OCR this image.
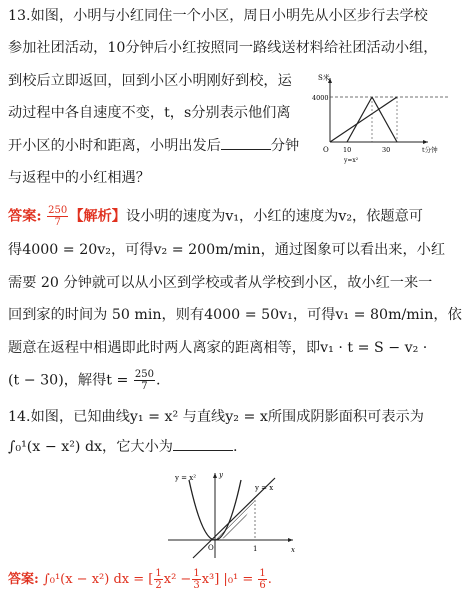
13.如图，小明与小红同住一个小区，周日小明先从小区步行去学校
参加社团活动，10分钟后小红按照同一路线送材料给社团活动小组，
到校后立即返回，回到小区小明刚好到校，运
动过程中各自速度不变，t，s分别表示他们离
开小区的小时和距离，小明出发后	分钟
与返程中的小红相遇？
S米
4000
O 10	30	t分钟
y=x²
答案: $\frac{250}{7}$ 【解析】设小明的速度为v₁，小红的速度为v₂，依题意可
得4000 = 20v₂，可得v₂ = 200m/min，通过图象可以看出来，小红
需要 20 分钟就可以从小区到学校或者从学校到小区，故小红一来一
回到家的时间为 50 min，则有4000 = 50v₁，可得v₁ = 80m/min，依
题意在返程中相遇即此时两人离家的距离相等，即v₁ · t = S − v₂ ·
(t − 30)，解得$t = \frac{250}{7}$ .
14.如图，已知曲线y₁ = x² 与直线y₂ = x所围成阴影面积可表示为
∫₀¹(x − x²) dx，它大小为	.
y = x²
y = x
y
x
O	1
答案: ∫₀¹(x − x²) dx = [ $\frac{1}{2} x^2 - \frac{1}{3} x^3$] $|_0^1 = \frac{1}{6}$ .
